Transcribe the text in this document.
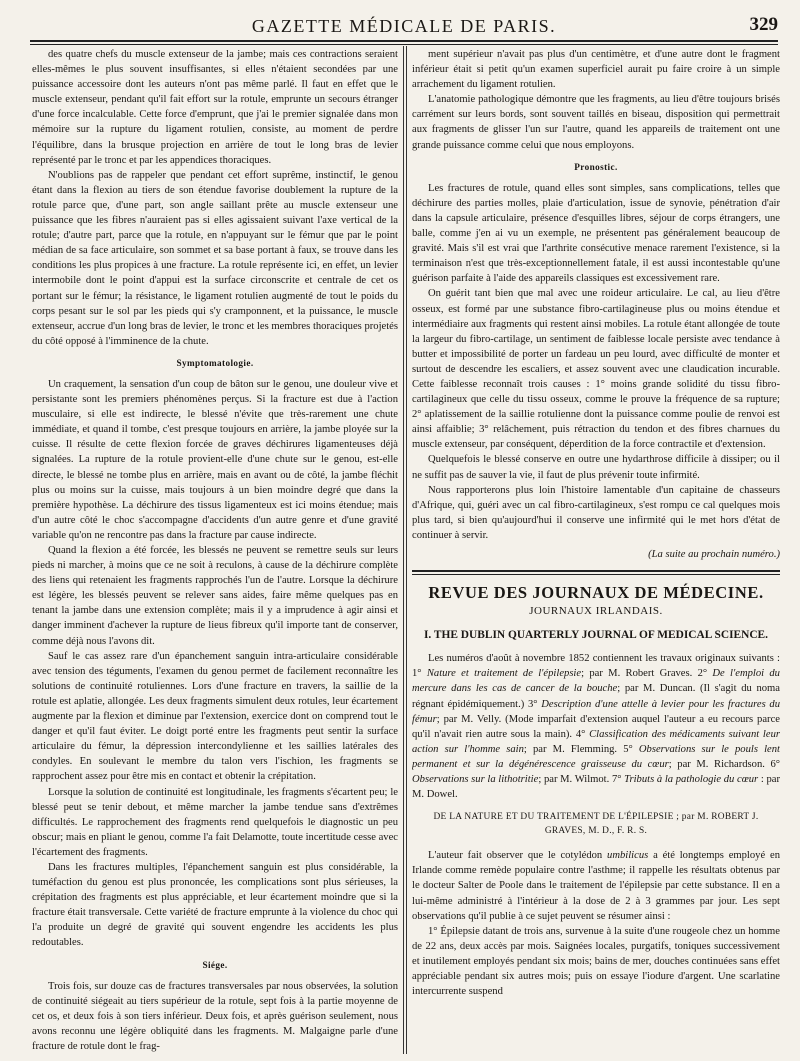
GAZETTE MÉDICALE DE PARIS.	329

des quatre chefs du muscle extenseur de la jambe; mais ces contractions seraient elles-mêmes le plus souvent insuffisantes, si elles n'étaient secondées par une puissance accessoire dont les auteurs n'ont pas même parlé. Il faut en effet que le muscle extenseur, pendant qu'il fait effort sur la rotule, emprunte un secours étranger d'une force incalculable. Cette force d'emprunt, que j'ai le premier signalée dans mon mémoire sur la rupture du ligament rotulien, consiste, au moment de perdre l'équilibre, dans la brusque projection en arrière de tout le long bras de levier représenté par le tronc et par les appendices thoraciques.

N'oublions pas de rappeler que pendant cet effort suprême, instinctif, le genou étant dans la flexion au tiers de son étendue favorise doublement la rupture de la rotule parce que, d'une part, son angle saillant prête au muscle extenseur une puissance que les fibres n'auraient pas si elles agissaient suivant l'axe vertical de la rotule; d'autre part, parce que la rotule, en n'appuyant sur le fémur que par le point médian de sa face articulaire, son sommet et sa base portant à faux, se trouve dans les conditions les plus propices à une fracture. La rotule représente ici, en effet, un levier intermobile dont le point d'appui est la surface circonscrite et centrale de cet os portant sur le fémur; la résistance, le ligament rotulien augmenté de tout le poids du corps pesant sur le sol par les pieds qui s'y cramponnent, et la puissance, le muscle extenseur, accrue d'un long bras de levier, le tronc et les membres thoraciques projetés du côté opposé à l'imminence de la chute.

Symptomatologie.

Un craquement, la sensation d'un coup de bâton sur le genou, une douleur vive et persistante sont les premiers phénomènes perçus. Si la fracture est due à l'action musculaire, si elle est indirecte, le blessé n'évite que très-rarement une chute immédiate, et quand il tombe, c'est presque toujours en arrière, la jambe ployée sur la cuisse. Il résulte de cette flexion forcée de graves déchirures ligamenteuses déjà signalées. La rupture de la rotule provient-elle d'une chute sur le genou, est-elle directe, le blessé ne tombe plus en arrière, mais en avant ou de côté, la jambe fléchit plus ou moins sur la cuisse, mais toujours à un bien moindre degré que dans la première hypothèse. La déchirure des tissus ligamenteux est ici moins étendue; mais d'un autre côté le choc s'accompagne d'accidents d'un autre genre et d'une gravité variable qu'on ne rencontre pas dans la fracture par cause indirecte.

Quand la flexion a été forcée, les blessés ne peuvent se remettre seuls sur leurs pieds ni marcher, à moins que ce ne soit à reculons, à cause de la déchirure complète des liens qui retenaient les fragments rapprochés l'un de l'autre. Lorsque la déchirure est légère, les blessés peuvent se relever sans aides, faire même quelques pas en tenant la jambe dans une extension complète; mais il y a imprudence à agir ainsi et danger imminent d'achever la rupture de lieus fibreux qu'il importe tant de conserver, comme déjà nous l'avons dit.

Sauf le cas assez rare d'un épanchement sanguin intra-articulaire considérable avec tension des téguments, l'examen du genou permet de facilement reconnaître les solutions de continuité rotuliennes. Lors d'une fracture en travers, la saillie de la rotule est aplatie, allongée. Les deux fragments simulent deux rotules, leur écartement augmente par la flexion et diminue par l'extension, exercice dont on comprend tout le danger et qu'il faut éviter. Le doigt porté entre les fragments peut sentir la surface articulaire du fémur, la dépression intercondylienne et les saillies latérales des condyles. En soulevant le membre du talon vers l'ischion, les fragments se rapprochent assez pour être mis en contact et obtenir la crépitation.

Lorsque la solution de continuité est longitudinale, les fragments s'écartent peu; le blessé peut se tenir debout, et même marcher la jambe tendue sans d'extrêmes difficultés. Le rapprochement des fragments rend quelquefois le diagnostic un peu obscur; mais en pliant le genou, comme l'a fait Delamotte, toute incertitude cesse avec l'écartement des fragments.

Dans les fractures multiples, l'épanchement sanguin est plus considérable, la tuméfaction du genou est plus prononcée, les complications sont plus sérieuses, la crépitation des fragments est plus appréciable, et leur écartement moindre que si la fracture était transversale. Cette variété de fracture emprunte à la violence du choc qui l'a produite un degré de gravité qui souvent engendre les accidents les plus redoutables.

Siége.

Trois fois, sur douze cas de fractures transversales par nous observées, la solution de continuité siégeait au tiers supérieur de la rotule, sept fois à la partie moyenne de cet os, et deux fois à son tiers inférieur. Deux fois, et après guérison seulement, nous avons reconnu une légère obliquité dans les fragments. M. Malgaigne parle d'une fracture de rotule dont le frag-

ment supérieur n'avait pas plus d'un centimètre, et d'une autre dont le fragment inférieur était si petit qu'un examen superficiel aurait pu faire croire à un simple arrachement du ligament rotulien.

L'anatomie pathologique démontre que les fragments, au lieu d'être toujours brisés carrément sur leurs bords, sont souvent taillés en biseau, disposition qui permettrait aux fragments de glisser l'un sur l'autre, quand les appareils de traitement ont une grande puissance comme celui que nous employons.

Pronostic.

Les fractures de rotule, quand elles sont simples, sans complications, telles que déchirure des parties molles, plaie d'articulation, issue de synovie, pénétration d'air dans la capsule articulaire, présence d'esquilles libres, séjour de corps étrangers, une balle, comme j'en ai vu un exemple, ne présentent pas généralement beaucoup de gravité. Mais s'il est vrai que l'arthrite consécutive menace rarement l'existence, si la terminaison n'est que très-exceptionnellement fatale, il est aussi incontestable qu'une guérison parfaite à l'aide des appareils classiques est excessivement rare.

On guérit tant bien que mal avec une roideur articulaire. Le cal, au lieu d'être osseux, est formé par une substance fibro-cartilagineuse plus ou moins étendue et intermédiaire aux fragments qui restent ainsi mobiles. La rotule étant allongée de toute la largeur du fibro-cartilage, un sentiment de faiblesse locale persiste avec tendance à butter et impossibilité de porter un fardeau un peu lourd, avec difficulté de monter et surtout de descendre les escaliers, et assez souvent avec une claudication incurable. Cette faiblesse reconnaît trois causes : 1° moins grande solidité du tissu fibro-cartilagineux que celle du tissu osseux, comme le prouve la fréquence de sa rupture; 2° aplatissement de la saillie rotulienne dont la puissance comme poulie de renvoi est ainsi affaiblie; 3° relâchement, puis rétraction du tendon et des fibres charnues du muscle extenseur, par conséquent, déperdition de la force contractile et d'extension.

Quelquefois le blessé conserve en outre une hydarthrose difficile à dissiper; ou il ne suffit pas de sauver la vie, il faut de plus prévenir toute infirmité.

Nous rapporterons plus loin l'histoire lamentable d'un capitaine de chasseurs d'Afrique, qui, guéri avec un cal fibro-cartilagineux, s'est rompu ce cal quelques mois plus tard, si bien qu'aujourd'hui il conserve une infirmité qui le met hors d'état de continuer à servir.

(La suite au prochain numéro.)

REVUE DES JOURNAUX DE MÉDECINE.

JOURNAUX IRLANDAIS.

I. THE DUBLIN QUARTERLY JOURNAL OF MEDICAL SCIENCE.

Les numéros d'août à novembre 1852 contiennent les travaux originaux suivants : 1° Nature et traitement de l'épilepsie; par M. Robert Graves. 2° De l'emploi du mercure dans les cas de cancer de la bouche; par M. Duncan. (Il s'agit du noma régnant épidémiquement.) 3° Description d'une attelle à levier pour les fractures du fémur; par M. Velly. (Mode imparfait d'extension auquel l'auteur a eu recours parce qu'il n'avait rien autre sous la main). 4° Classification des médicaments suivant leur action sur l'homme sain; par M. Flemming. 5° Observations sur le pouls lent permanent et sur la dégénérescence graisseuse du cœur; par M. Richardson. 6° Observations sur la lithotritie; par M. Wilmot. 7° Tributs à la pathologie du cœur : par M. Dowel.

DE LA NATURE ET DU TRAITEMENT DE L'ÉPILEPSIE ; par M. ROBERT J. GRAVES, M. D., F. R. S.

L'auteur fait observer que le cotylédon umbilicus a été longtemps employé en Irlande comme remède populaire contre l'asthme; il rappelle les résultats obtenus par le docteur Salter de Poole dans le traitement de l'épilepsie par cette substance. Il en a lui-même administré à l'intérieur à la dose de 2 à 3 grammes par jour. Les sept observations qu'il publie à ce sujet peuvent se résumer ainsi :

1° Épilepsie datant de trois ans, survenue à la suite d'une rougeole chez un homme de 22 ans, deux accès par mois. Saignées locales, purgatifs, toniques successivement et inutilement employés pendant six mois; bains de mer, douches continuées sans effet appréciable pendant six autres mois; puis on essaye l'iodure d'argent. Une scarlatine intercurrente suspend
